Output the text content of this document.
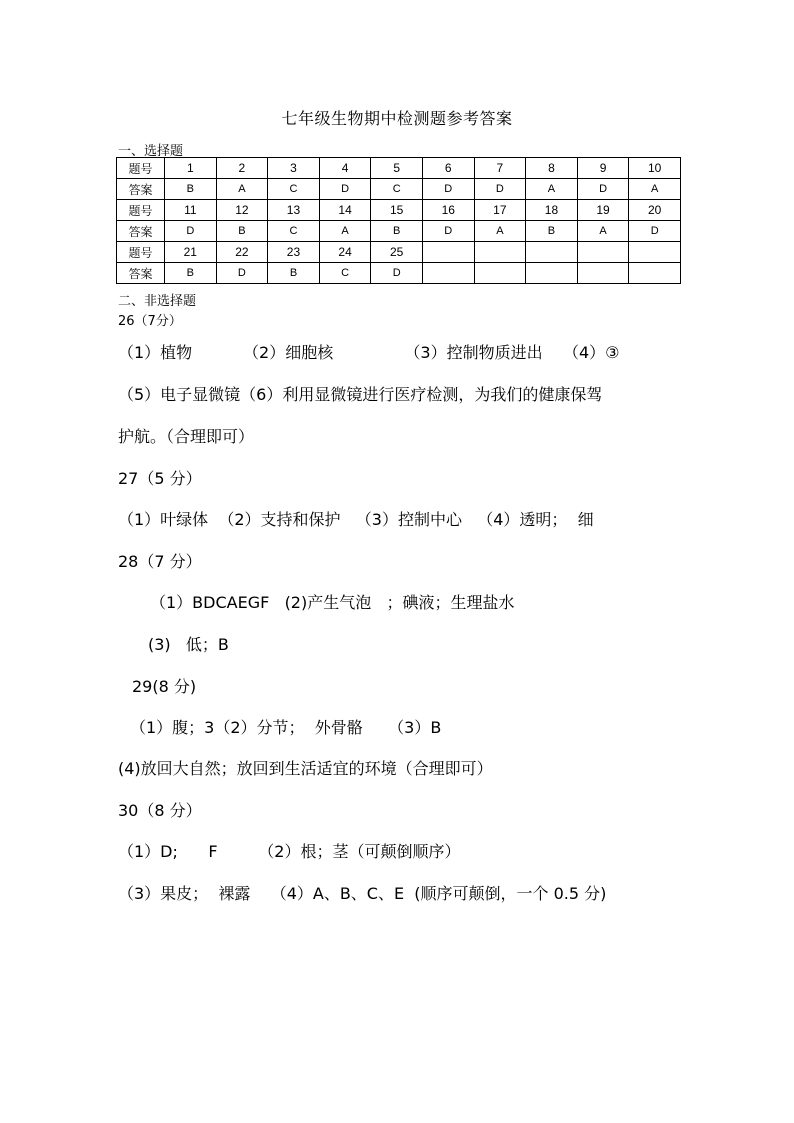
七年级生物期中检测题参考答案
一、选择题
题号	1	2	3	4	5	6	7	8	9	10
答案	B	A	C	D	C	D	D	A	D	A
题号	11	12	13	14	15	16	17	18	19	20
答案	D	B	C	A	B	D	A	B	A	D
题号	21	22	23	24	25					
答案	B	D	B	C	D					
二、非选择题
26（7分）
（1）植物          （2）细胞核              （3）控制物质进出    （4）③
（5）电子显微镜（6）利用显微镜进行医疗检测，为我们的健康保驾
护航。（合理即可）
27（5 分）
（1）叶绿体  （2）支持和保护   （3）控制中心   （4）透明；  细
28（7 分）
（1）BDCAEGF   (2)产生气泡   ；碘液；生理盐水
(3)   低；B
29(8 分)
（1）腹；3（2）分节；  外骨骼     （3）B
(4)放回大自然；放回到生活适宜的环境（合理即可）
30（8 分）
（1）D;      F        （2）根；茎（可颠倒顺序）
（3）果皮；  裸露    （4）A、B、C、E  (顺序可颠倒，一个 0.5 分)
